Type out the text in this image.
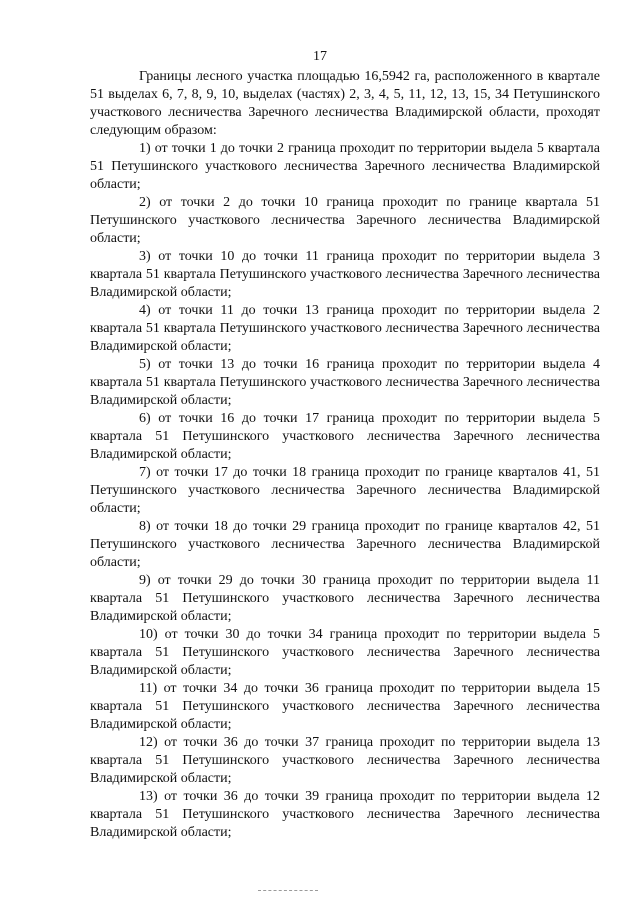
17

Границы лесного участка площадью 16,5942 га, расположенного в квартале 51 выделах 6, 7, 8, 9, 10, выделах (частях) 2, 3, 4, 5, 11, 12, 13, 15, 34 Петушинского участкового лесничества Заречного лесничества Владимирской области, проходят следующим образом:

1) от точки 1 до точки 2 граница проходит по территории выдела 5 квартала 51 Петушинского участкового лесничества Заречного лесничества Владимирской области;

2) от точки 2 до точки 10 граница проходит по границе квартала 51 Петушинского участкового лесничества Заречного лесничества Владимирской области;

3) от точки 10 до точки 11 граница проходит по территории выдела 3 квартала 51 квартала Петушинского участкового лесничества Заречного лесничества Владимирской области;

4) от точки 11 до точки 13 граница проходит по территории выдела 2 квартала 51 квартала Петушинского участкового лесничества Заречного лесничества Владимирской области;

5) от точки 13 до точки 16 граница проходит по территории выдела 4 квартала 51 квартала Петушинского участкового лесничества Заречного лесничества Владимирской области;

6) от точки 16 до точки 17 граница проходит по территории выдела 5 квартала 51 Петушинского участкового лесничества Заречного лесничества Владимирской области;

7) от точки 17 до точки 18 граница проходит по границе кварталов 41, 51 Петушинского участкового лесничества Заречного лесничества Владимирской области;

8) от точки 18 до точки 29 граница проходит по границе кварталов 42, 51 Петушинского участкового лесничества Заречного лесничества Владимирской области;

9) от точки 29 до точки 30 граница проходит по территории выдела 11 квартала 51 Петушинского участкового лесничества Заречного лесничества Владимирской области;

10) от точки 30 до точки 34 граница проходит по территории выдела 5 квартала 51 Петушинского участкового лесничества Заречного лесничества Владимирской области;

11) от точки 34 до точки 36 граница проходит по территории выдела 15 квартала 51 Петушинского участкового лесничества Заречного лесничества Владимирской области;

12) от точки 36 до точки 37 граница проходит по территории выдела 13 квартала 51 Петушинского участкового лесничества Заречного лесничества Владимирской области;

13) от точки 36 до точки 39 граница проходит по территории выдела 12 квартала 51 Петушинского участкового лесничества Заречного лесничества Владимирской области;
